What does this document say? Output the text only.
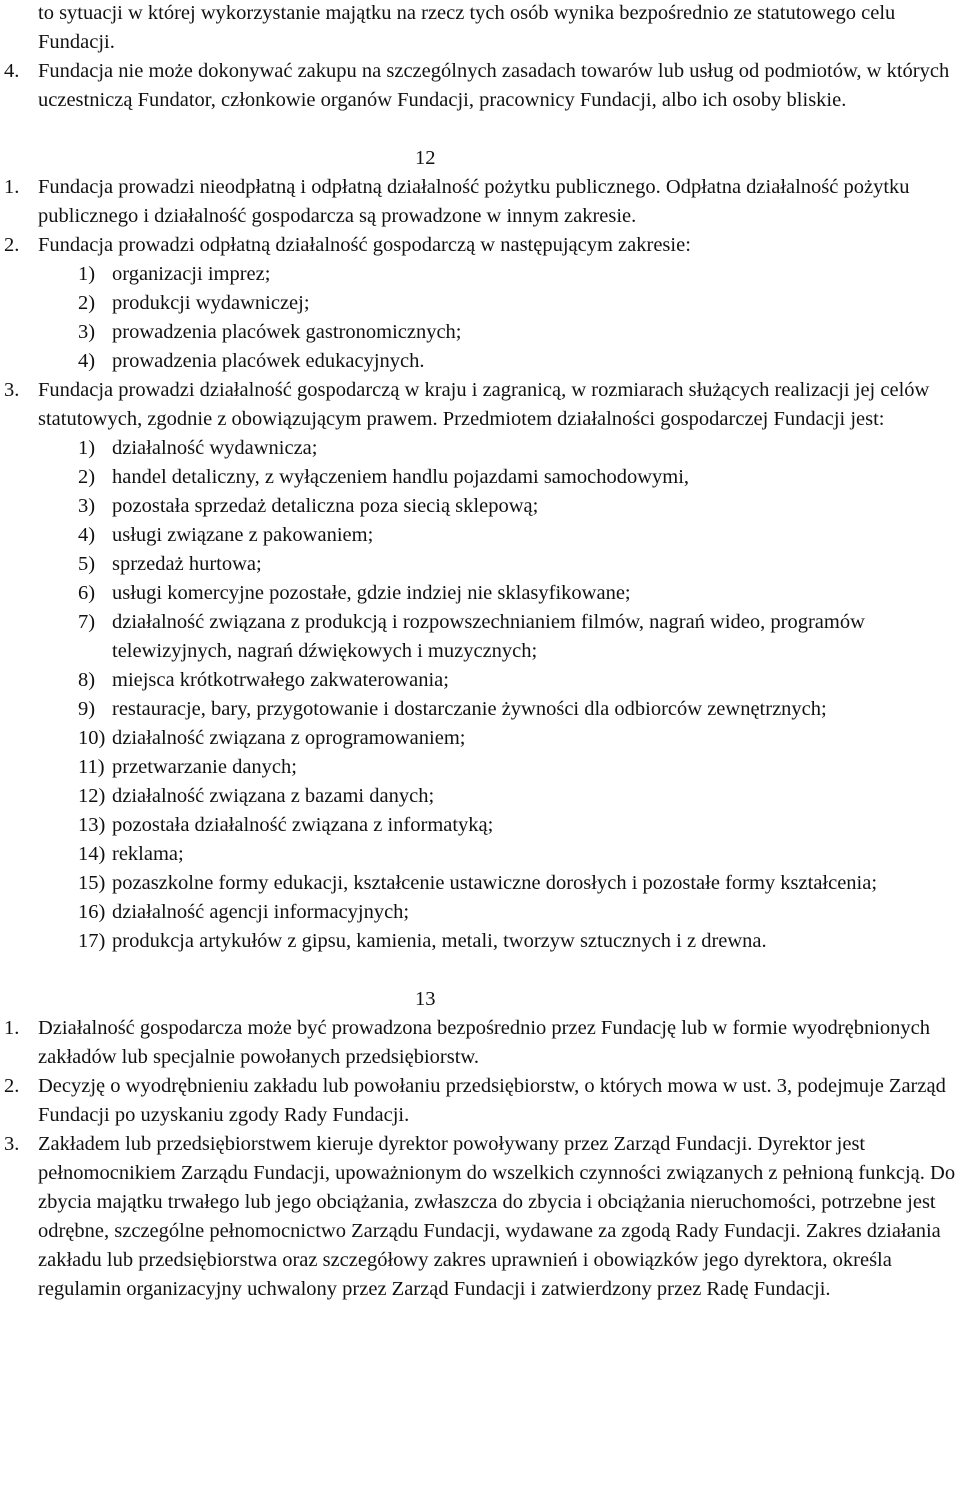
to sytuacji w której wykorzystanie majątku na rzecz tych osób wynika bezpośrednio ze statutowego celu Fundacji.

4. Fundacja nie może dokonywać zakupu na szczególnych zasadach towarów lub usług od podmiotów, w których uczestniczą Fundator, członkowie organów Fundacji, pracownicy Fundacji, albo ich osoby bliskie.

12

1. Fundacja prowadzi nieodpłatną i odpłatną działalność pożytku publicznego. Odpłatna działalność pożytku publicznego i działalność gospodarcza są prowadzone w innym zakresie.

2. Fundacja prowadzi odpłatną działalność gospodarczą w następującym zakresie:

1) organizacji imprez;
2) produkcji wydawniczej;
3) prowadzenia placówek gastronomicznych;
4) prowadzenia placówek edukacyjnych.

3. Fundacja prowadzi działalność gospodarczą w kraju i zagranicą, w rozmiarach służących realizacji jej celów statutowych, zgodnie z obowiązującym prawem. Przedmiotem działalności gospodarczej Fundacji jest:

1) działalność wydawnicza;
2) handel detaliczny, z wyłączeniem handlu pojazdami samochodowymi,
3) pozostała sprzedaż detaliczna poza siecią sklepową;
4) usługi związane z pakowaniem;
5) sprzedaż hurtowa;
6) usługi komercyjne pozostałe, gdzie indziej nie sklasyfikowane;
7) działalność związana z produkcją i rozpowszechnianiem filmów, nagrań wideo, programów telewizyjnych, nagrań dźwiękowych i muzycznych;
8) miejsca krótkotrwałego zakwaterowania;
9) restauracje, bary, przygotowanie i dostarczanie żywności dla odbiorców zewnętrznych;
10) działalność związana z oprogramowaniem;
11) przetwarzanie danych;
12) działalność związana z bazami danych;
13) pozostała działalność związana z informatyką;
14) reklama;
15) pozaszkolne formy edukacji, kształcenie ustawiczne dorosłych i pozostałe formy kształcenia;
16) działalność agencji informacyjnych;
17) produkcja artykułów z gipsu, kamienia, metali, tworzyw sztucznych i z drewna.

13

1. Działalność gospodarcza może być prowadzona bezpośrednio przez Fundację lub w formie wyodrębnionych zakładów lub specjalnie powołanych przedsiębiorstw.

2. Decyzję o wyodrębnieniu zakładu lub powołaniu przedsiębiorstw, o których mowa w ust. 3, podejmuje Zarząd Fundacji po uzyskaniu zgody Rady Fundacji.

3. Zakładem lub przedsiębiorstwem kieruje dyrektor powoływany przez Zarząd Fundacji. Dyrektor jest pełnomocnikiem Zarządu Fundacji, upoważnionym do wszelkich czynności związanych z pełnioną funkcją. Do zbycia majątku trwałego lub jego obciążania, zwłaszcza do zbycia i obciążania nieruchomości, potrzebne jest odrębne, szczególne pełnomocnictwo Zarządu Fundacji, wydawane za zgodą Rady Fundacji. Zakres działania zakładu lub przedsiębiorstwa oraz szczegółowy zakres uprawnień i obowiązków jego dyrektora, określa regulamin organizacyjny uchwalony przez Zarząd Fundacji i zatwierdzony przez Radę Fundacji.
